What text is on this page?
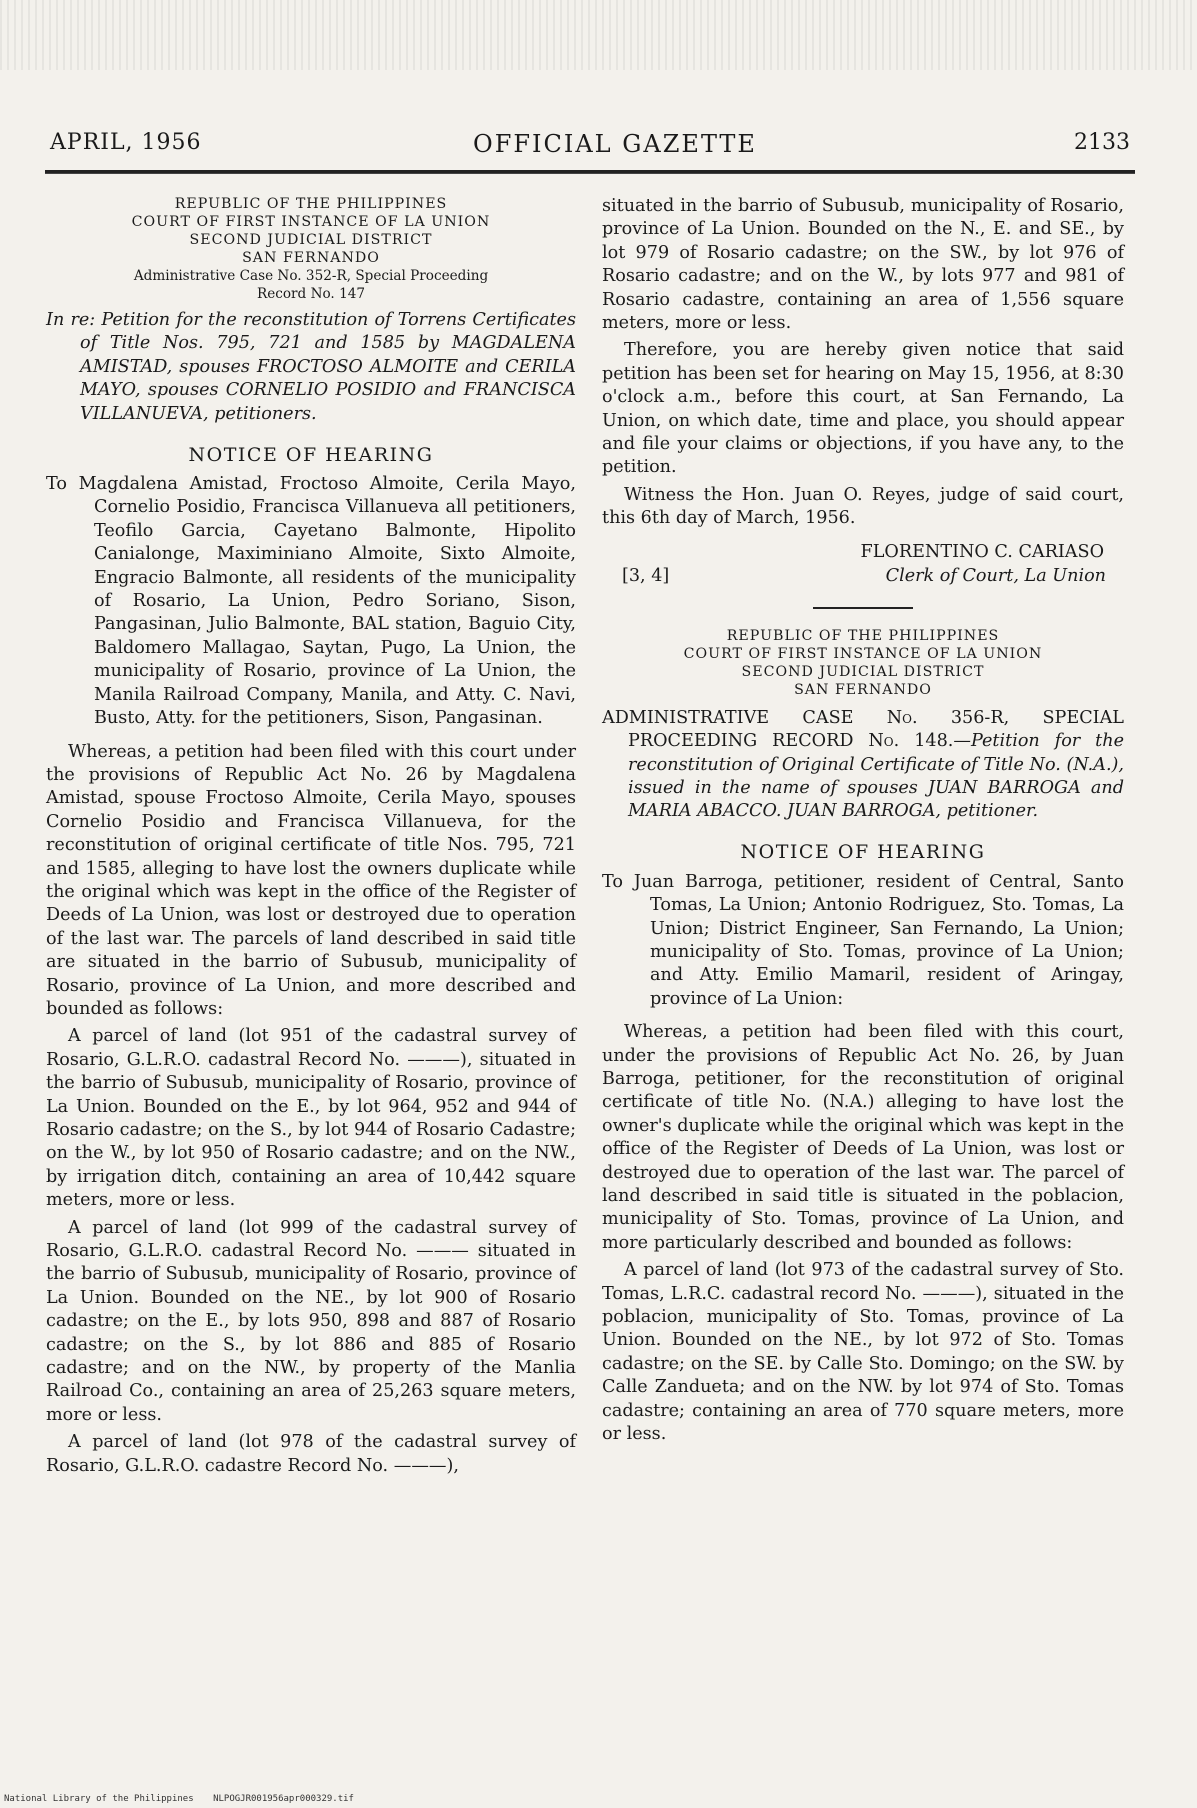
APRIL, 1956	OFFICIAL GAZETTE	2133
REPUBLIC OF THE PHILIPPINES
COURT OF FIRST INSTANCE OF LA UNION
SECOND JUDICIAL DISTRICT
SAN FERNANDO
Administrative Case No. 352-R, Special Proceeding
Record No. 147

In re: Petition for the reconstitution of Torrens Certificates of Title Nos. 795, 721 and 1585 by MAGDALENA AMISTAD, spouses FROCTOSO ALMOITE and CERILA MAYO, spouses CORNELIO POSIDIO and FRANCISCA VILLANUEVA, petitioners.

NOTICE OF HEARING

To Magdalena Amistad, Froctoso Almoite, Cerila Mayo, Cornelio Posidio, Francisca Villanueva all petitioners, Teofilo Garcia, Cayetano Balmonte, Hipolito Canialonge, Maximiniano Almoite, Sixto Almoite, Engracio Balmonte, all residents of the municipality of Rosario, La Union, Pedro Soriano, Sison, Pangasinan, Julio Balmonte, BAL station, Baguio City, Baldomero Mallagao, Saytan, Pugo, La Union, the municipality of Rosario, province of La Union, the Manila Railroad Company, Manila, and Atty. C. Navi, Busto, Atty. for the petitioners, Sison, Pangasinan.

Whereas, a petition had been filed with this court under the provisions of Republic Act No. 26 by Magdalena Amistad, spouse Froctoso Almoite, Cerila Mayo, spouses Cornelio Posidio and Francisca Villanueva, for the reconstitution of original certificate of title Nos. 795, 721 and 1585, alleging to have lost the owners duplicate while the original which was kept in the office of the Register of Deeds of La Union, was lost or destroyed due to operation of the last war. The parcels of land described in said title are situated in the barrio of Subusub, municipality of Rosario, province of La Union, and more described and bounded as follows:

A parcel of land (lot 951 of the cadastral survey of Rosario, G.L.R.O. cadastral Record No. ———), situated in the barrio of Subusub, municipality of Rosario, province of La Union. Bounded on the E., by lot 964, 952 and 944 of Rosario cadastre; on the S., by lot 944 of Rosario Cadastre; on the W., by lot 950 of Rosario cadastre; and on the NW., by irrigation ditch, containing an area of 10,442 square meters, more or less.

A parcel of land (lot 999 of the cadastral survey of Rosario, G.L.R.O. cadastral Record No. ——— situated in the barrio of Subusub, municipality of Rosario, province of La Union. Bounded on the NE., by lot 900 of Rosario cadastre; on the E., by lots 950, 898 and 887 of Rosario cadastre; on the S., by lot 886 and 885 of Rosario cadastre; and on the NW., by property of the Manlia Railroad Co., containing an area of 25,263 square meters, more or less.

A parcel of land (lot 978 of the cadastral survey of Rosario, G.L.R.O. cadastre Record No. ———),

situated in the barrio of Subusub, municipality of Rosario, province of La Union. Bounded on the N., E. and SE., by lot 979 of Rosario cadastre; on the SW., by lot 976 of Rosario cadastre; and on the W., by lots 977 and 981 of Rosario cadastre, containing an area of 1,556 square meters, more or less.

Therefore, you are hereby given notice that said petition has been set for hearing on May 15, 1956, at 8:30 o'clock a.m., before this court, at San Fernando, La Union, on which date, time and place, you should appear and file your claims or objections, if you have any, to the petition.

Witness the Hon. Juan O. Reyes, judge of said court, this 6th day of March, 1956.

FLORENTINO C. CARIASO
[3, 4]	Clerk of Court, La Union
REPUBLIC OF THE PHILIPPINES
COURT OF FIRST INSTANCE OF LA UNION
SECOND JUDICIAL DISTRICT
SAN FERNANDO

ADMINISTRATIVE CASE No. 356-R, SPECIAL PROCEEDING RECORD No. 148.—Petition for the reconstitution of Original Certificate of Title No. (N.A.), issued in the name of spouses JUAN BARROGA and MARIA ABACCO. JUAN BARROGA, petitioner.

NOTICE OF HEARING

To Juan Barroga, petitioner, resident of Central, Santo Tomas, La Union; Antonio Rodriguez, Sto. Tomas, La Union; District Engineer, San Fernando, La Union; municipality of Sto. Tomas, province of La Union; and Atty. Emilio Mamaril, resident of Aringay, province of La Union:

Whereas, a petition had been filed with this court, under the provisions of Republic Act No. 26, by Juan Barroga, petitioner, for the reconstitution of original certificate of title No. (N.A.) alleging to have lost the owner's duplicate while the original which was kept in the office of the Register of Deeds of La Union, was lost or destroyed due to operation of the last war. The parcel of land described in said title is situated in the poblacion, municipality of Sto. Tomas, province of La Union, and more particularly described and bounded as follows:

A parcel of land (lot 973 of the cadastral survey of Sto. Tomas, L.R.C. cadastral record No. ———), situated in the poblacion, municipality of Sto. Tomas, province of La Union. Bounded on the NE., by lot 972 of Sto. Tomas cadastre; on the SE. by Calle Sto. Domingo; on the SW. by Calle Zandueta; and on the NW. by lot 974 of Sto. Tomas cadastre; containing an area of 770 square meters, more or less.

National Library of the Philippines NLPOGJR001956apr000329.tif
